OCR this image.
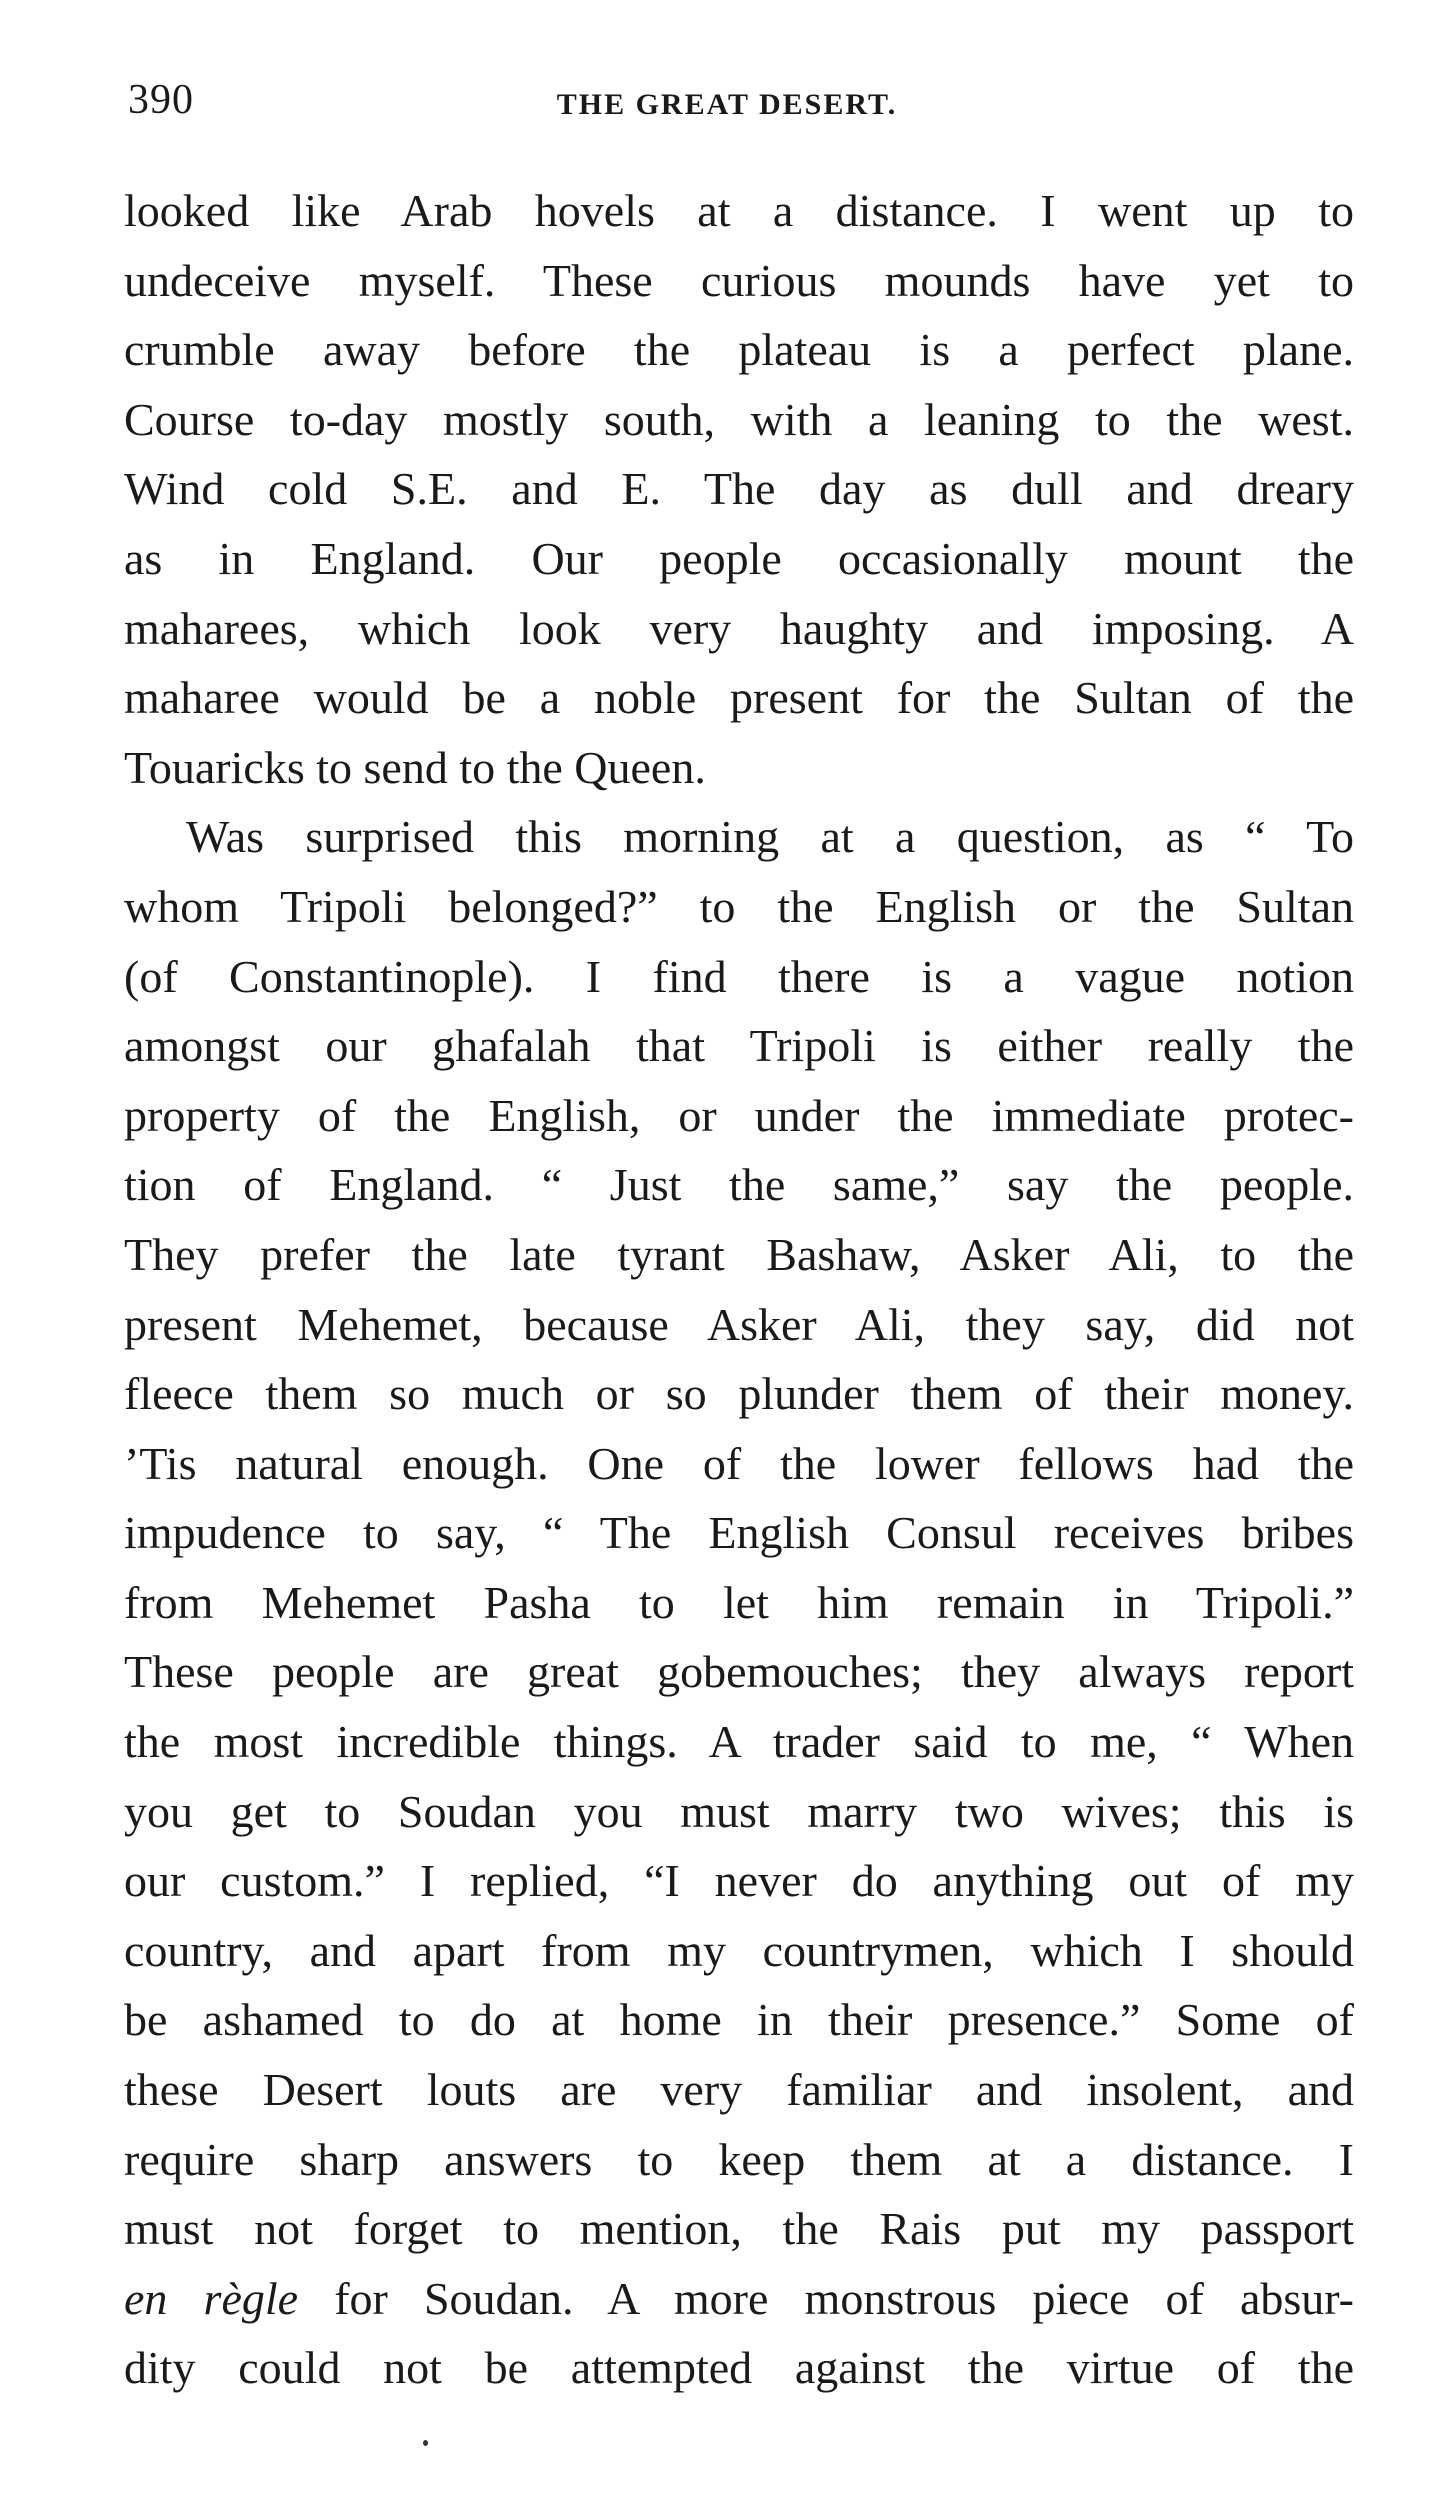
390	THE GREAT DESERT.
looked like Arab hovels at a distance. I went up to
undeceive myself. These curious mounds have yet to
crumble away before the plateau is a perfect plane.
Course to-day mostly south, with a leaning to the west.
Wind cold S.E. and E. The day as dull and dreary
as in England. Our people occasionally mount the
maharees, which look very haughty and imposing. A
maharee would be a noble present for the Sultan of the
Touaricks to send to the Queen.
Was surprised this morning at a question, as “ To
whom Tripoli belonged?” to the English or the Sultan
(of Constantinople). I find there is a vague notion
amongst our ghafalah that Tripoli is either really the
property of the English, or under the immediate protec-
tion of England. “ Just the same,” say the people.
They prefer the late tyrant Bashaw, Asker Ali, to the
present Mehemet, because Asker Ali, they say, did not
fleece them so much or so plunder them of their money.
’Tis natural enough. One of the lower fellows had the
impudence to say, “ The English Consul receives bribes
from Mehemet Pasha to let him remain in Tripoli.”
These people are great gobemouches; they always report
the most incredible things. A trader said to me, “ When
you get to Soudan you must marry two wives; this is
our custom.” I replied, “I never do anything out of my
country, and apart from my countrymen, which I should
be ashamed to do at home in their presence.” Some of
these Desert louts are very familiar and insolent, and
require sharp answers to keep them at a distance. I
must not forget to mention, the Rais put my passport
en règle for Soudan. A more monstrous piece of absur-
dity could not be attempted against the virtue of the
